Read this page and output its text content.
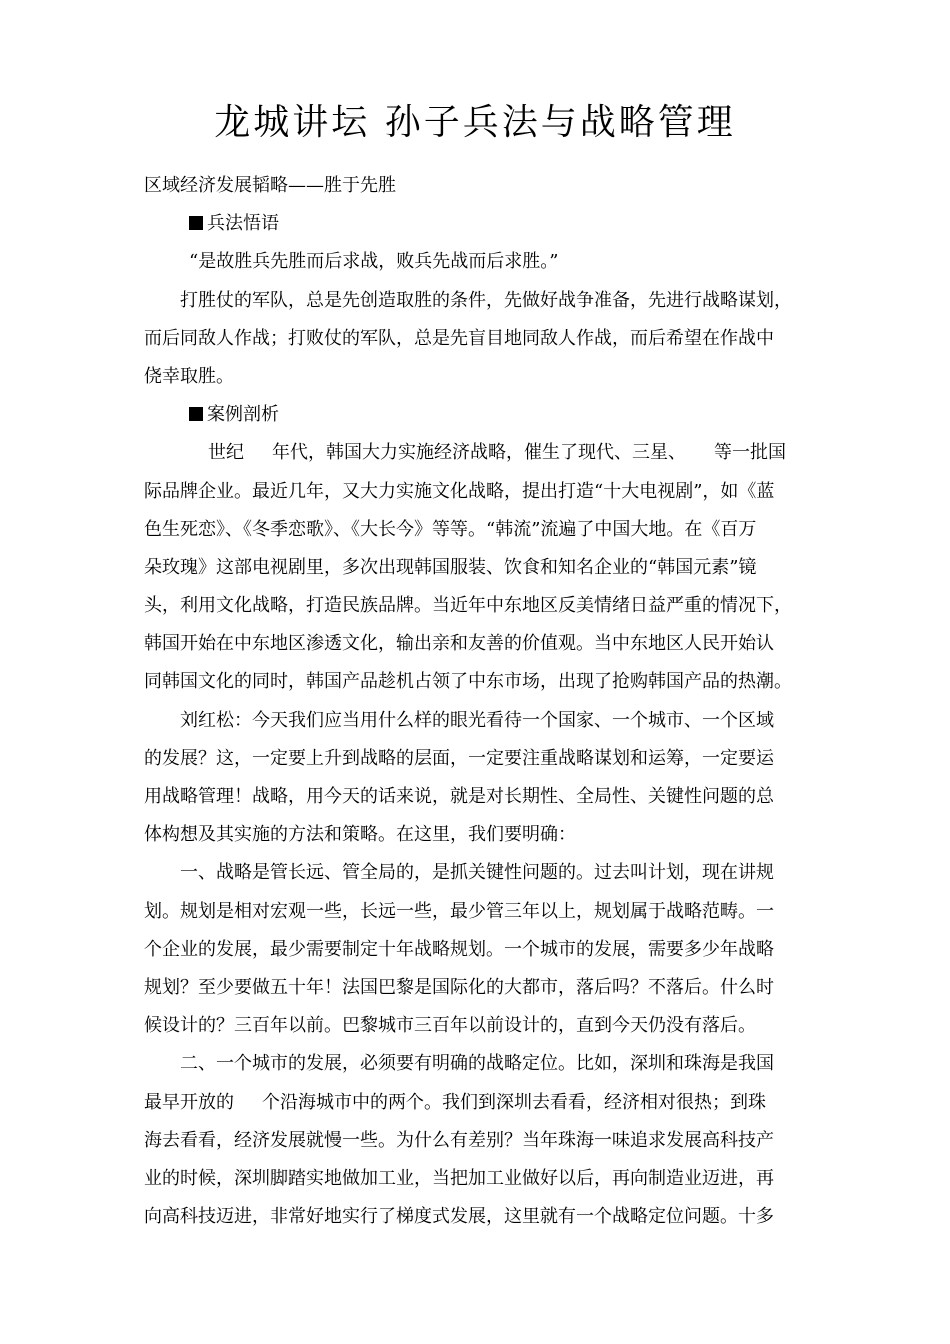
龙城讲坛 孙子兵法与战略管理
区域经济发展韬略——胜于先胜
兵法悟语
“是故胜兵先胜而后求战，败兵先战而后求胜。”
打胜仗的军队，总是先创造取胜的条件，先做好战争准备，先进行战略谋划，
而后同敌人作战；打败仗的军队，总是先盲目地同敌人作战，而后希望在作战中
侥幸取胜。
案例剖析
世纪 年代，韩国大力实施经济战略，催生了现代、三星、 等一批国
际品牌企业。最近几年，又大力实施文化战略，提出打造“十大电视剧”，如《蓝
色生死恋》、《冬季恋歌》、《大长今》等等。“韩流”流遍了中国大地。在《百万
朵玫瑰》这部电视剧里，多次出现韩国服装、饮食和知名企业的“韩国元素”镜
头，利用文化战略，打造民族品牌。当近年中东地区反美情绪日益严重的情况下，
韩国开始在中东地区渗透文化，输出亲和友善的价值观。当中东地区人民开始认
同韩国文化的同时，韩国产品趁机占领了中东市场，出现了抢购韩国产品的热潮。
刘红松：今天我们应当用什么样的眼光看待一个国家、一个城市、一个区域
的发展？这，一定要上升到战略的层面，一定要注重战略谋划和运筹，一定要运
用战略管理！战略，用今天的话来说，就是对长期性、全局性、关键性问题的总
体构想及其实施的方法和策略。在这里，我们要明确：
一、战略是管长远、管全局的，是抓关键性问题的。过去叫计划，现在讲规
划。规划是相对宏观一些，长远一些，最少管三年以上，规划属于战略范畴。一
个企业的发展，最少需要制定十年战略规划。一个城市的发展，需要多少年战略
规划？至少要做五十年！法国巴黎是国际化的大都市，落后吗？不落后。什么时
候设计的？三百年以前。巴黎城市三百年以前设计的，直到今天仍没有落后。
二、一个城市的发展，必须要有明确的战略定位。比如，深圳和珠海是我国
最早开放的 个沿海城市中的两个。我们到深圳去看看，经济相对很热；到珠
海去看看，经济发展就慢一些。为什么有差别？当年珠海一味追求发展高科技产
业的时候，深圳脚踏实地做加工业，当把加工业做好以后，再向制造业迈进，再
向高科技迈进，非常好地实行了梯度式发展，这里就有一个战略定位问题。十多
